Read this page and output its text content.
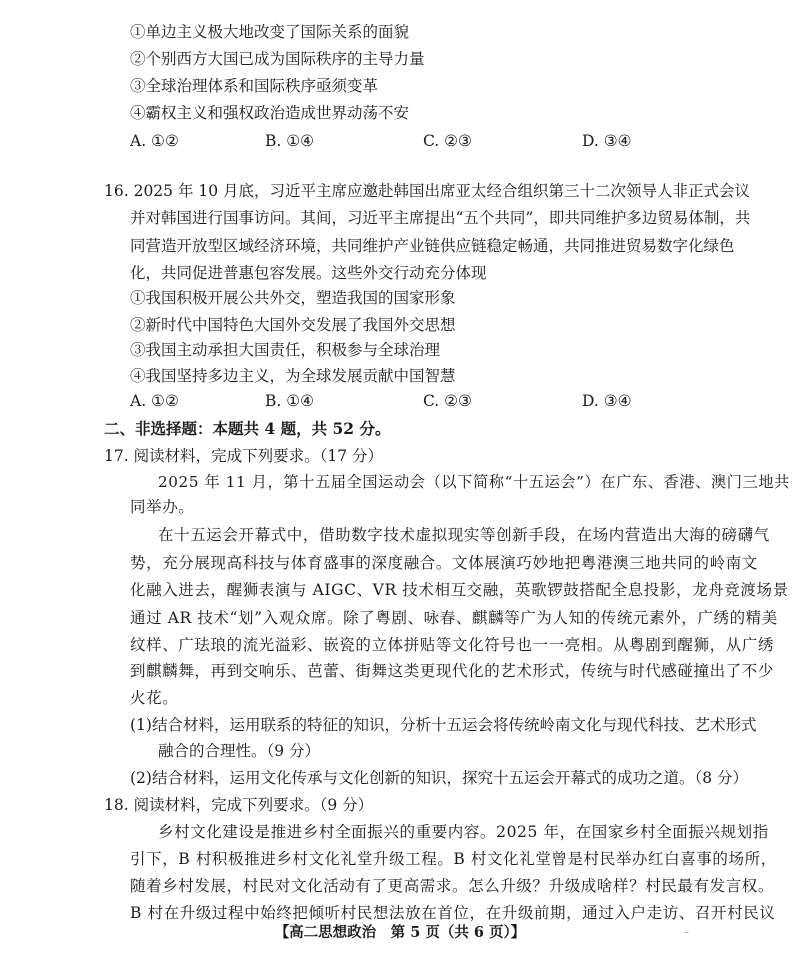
①单边主义极大地改变了国际关系的面貌
②个别西方大国已成为国际秩序的主导力量
③全球治理体系和国际秩序亟须变革
④霸权主义和强权政治造成世界动荡不安
A. ①②	B. ①④	C. ②③	D. ③④
16. 2025 年 10 月底，习近平主席应邀赴韩国出席亚太经合组织第三十二次领导人非正式会议
并对韩国进行国事访问。其间，习近平主席提出“五个共同”，即共同维护多边贸易体制，共
同营造开放型区域经济环境，共同维护产业链供应链稳定畅通，共同推进贸易数字化绿色
化，共同促进普惠包容发展。这些外交行动充分体现
①我国积极开展公共外交，塑造我国的国家形象
②新时代中国特色大国外交发展了我国外交思想
③我国主动承担大国责任，积极参与全球治理
④我国坚持多边主义，为全球发展贡献中国智慧
A. ①②	B. ①④	C. ②③	D. ③④
二、非选择题：本题共 4 题，共 52 分。
17. 阅读材料，完成下列要求。（17 分）
2025 年 11 月，第十五届全国运动会（以下简称“十五运会”）在广东、香港、澳门三地共
同举办。
在十五运会开幕式中，借助数字技术虚拟现实等创新手段，在场内营造出大海的磅礴气
势，充分展现高科技与体育盛事的深度融合。文体展演巧妙地把粤港澳三地共同的岭南文
化融入进去，醒狮表演与 AIGC、VR 技术相互交融，英歌锣鼓搭配全息投影，龙舟竞渡场景
通过 AR 技术“划”入观众席。除了粤剧、咏春、麒麟等广为人知的传统元素外，广绣的精美
纹样、广珐琅的流光溢彩、嵌瓷的立体拼贴等文化符号也一一亮相。从粤剧到醒狮，从广绣
到麒麟舞，再到交响乐、芭蕾、街舞这类更现代化的艺术形式，传统与时代感碰撞出了不少
火花。
(1)结合材料，运用联系的特征的知识，分析十五运会将传统岭南文化与现代科技、艺术形式
融合的合理性。（9 分）
(2)结合材料，运用文化传承与文化创新的知识，探究十五运会开幕式的成功之道。（8 分）
18. 阅读材料，完成下列要求。（9 分）
乡村文化建设是推进乡村全面振兴的重要内容。2025 年，在国家乡村全面振兴规划指
引下，B 村积极推进乡村文化礼堂升级工程。B 村文化礼堂曾是村民举办红白喜事的场所，
随着乡村发展，村民对文化活动有了更高需求。怎么升级？升级成啥样？村民最有发言权。
B 村在升级过程中始终把倾听村民想法放在首位，在升级前期，通过入户走访、召开村民议
【高二思想政治　第 5 页（共 6 页）】	⁻
